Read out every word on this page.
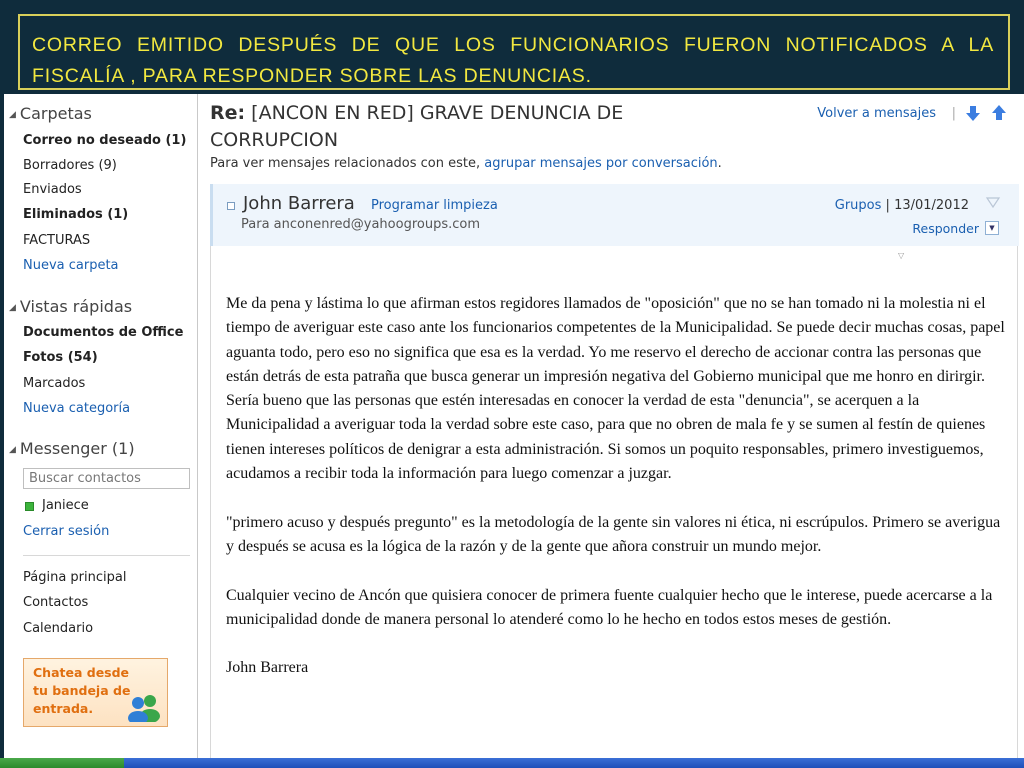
CORREO EMITIDO DESPUÉS DE QUE LOS FUNCIONARIOS FUERON NOTIFICADOS A LA FISCALÍA , PARA RESPONDER SOBRE LAS DENUNCIAS.
◢ Carpetas
Correo no deseado (1)
Borradores (9)
Enviados
Eliminados (1)
FACTURAS
Nueva carpeta
◢ Vistas rápidas
Documentos de Office
Fotos (54)
Marcados
Nueva categoría
◢ Messenger (1)
Buscar contactos
Janiece
Cerrar sesión
Página principal
Contactos
Calendario
Chatea desde tu bandeja de entrada.
Re: [ANCON EN RED] GRAVE DENUNCIA DE CORRUPCION
Para ver mensajes relacionados con este, agrupar mensajes por conversación.
Volver a mensajes |
John Barrera Programar limpieza
Para anconenred@yahoogroups.com
Grupos | 13/01/2012
Responder	▼
▽

Me da pena y lástima lo que afirman estos regidores llamados de "oposición" que no se han tomado ni la molestia ni el tiempo de averiguar este caso ante los funcionarios competentes de la Municipalidad. Se puede decir muchas cosas, papel aguanta todo, pero eso no significa que esa es la verdad. Yo me reservo el derecho de accionar contra las personas que están detrás de esta patraña que busca generar un impresión negativa del Gobierno municipal que me honro en dirirgir. Sería bueno que las personas que estén interesadas en conocer la verdad de esta "denuncia", se acerquen a la Municipalidad a averiguar toda la verdad sobre este caso, para que no obren de mala fe y se sumen al festín de quienes tienen intereses políticos de denigrar a esta administración. Si somos un poquito responsables, primero investiguemos, acudamos a recibir toda la información para luego comenzar a juzgar.

"primero acuso y después pregunto" es la metodología de la gente sin valores ni ética, ni escrúpulos. Primero se averigua y después se acusa es la lógica de la razón y de la gente que añora construir un mundo mejor.

Cualquier vecino de Ancón que quisiera conocer de primera fuente cualquier hecho que le interese, puede acercarse a la municipalidad donde de manera personal lo atenderé como lo he hecho en todos estos meses de gestión.

John Barrera
